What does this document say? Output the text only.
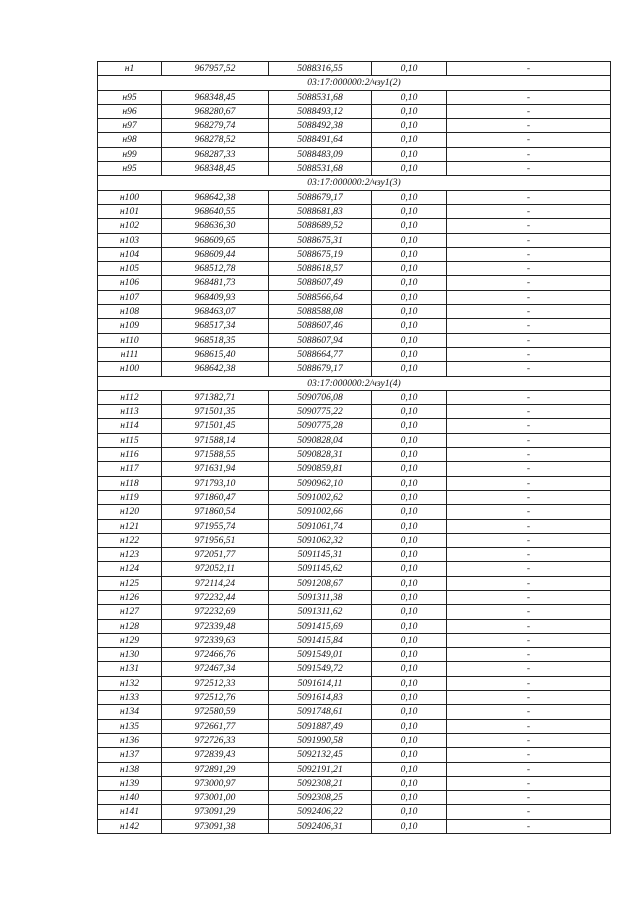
н1	967957,52	5088316,55	0,10	-
03:17:000000:2/чзу1(2)				
н95	968348,45	5088531,68	0,10	-
н96	968280,67	5088493,12	0,10	-
н97	968279,74	5088492,38	0,10	-
н98	968278,52	5088491,64	0,10	-
н99	968287,33	5088483,09	0,10	-
н95	968348,45	5088531,68	0,10	-
03:17:000000:2/чзу1(3)				
н100	968642,38	5088679,17	0,10	-
н101	968640,55	5088681,83	0,10	-
н102	968636,30	5088689,52	0,10	-
н103	968609,65	5088675,31	0,10	-
н104	968609,44	5088675,19	0,10	-
н105	968512,78	5088618,57	0,10	-
н106	968481,73	5088607,49	0,10	-
н107	968409,93	5088566,64	0,10	-
н108	968463,07	5088588,08	0,10	-
н109	968517,34	5088607,46	0,10	-
н110	968518,35	5088607,94	0,10	-
н111	968615,40	5088664,77	0,10	-
н100	968642,38	5088679,17	0,10	-
03:17:000000:2/чзу1(4)				
н112	971382,71	5090706,08	0,10	-
н113	971501,35	5090775,22	0,10	-
н114	971501,45	5090775,28	0,10	-
н115	971588,14	5090828,04	0,10	-
н116	971588,55	5090828,31	0,10	-
н117	971631,94	5090859,81	0,10	-
н118	971793,10	5090962,10	0,10	-
н119	971860,47	5091002,62	0,10	-
н120	971860,54	5091002,66	0,10	-
н121	971955,74	5091061,74	0,10	-
н122	971956,51	5091062,32	0,10	-
н123	972051,77	5091145,31	0,10	-
н124	972052,11	5091145,62	0,10	-
н125	972114,24	5091208,67	0,10	-
н126	972232,44	5091311,38	0,10	-
н127	972232,69	5091311,62	0,10	-
н128	972339,48	5091415,69	0,10	-
н129	972339,63	5091415,84	0,10	-
н130	972466,76	5091549,01	0,10	-
н131	972467,34	5091549,72	0,10	-
н132	972512,33	5091614,11	0,10	-
н133	972512,76	5091614,83	0,10	-
н134	972580,59	5091748,61	0,10	-
н135	972661,77	5091887,49	0,10	-
н136	972726,33	5091990,58	0,10	-
н137	972839,43	5092132,45	0,10	-
н138	972891,29	5092191,21	0,10	-
н139	973000,97	5092308,21	0,10	-
н140	973001,00	5092308,25	0,10	-
н141	973091,29	5092406,22	0,10	-
н142	973091,38	5092406,31	0,10	-
